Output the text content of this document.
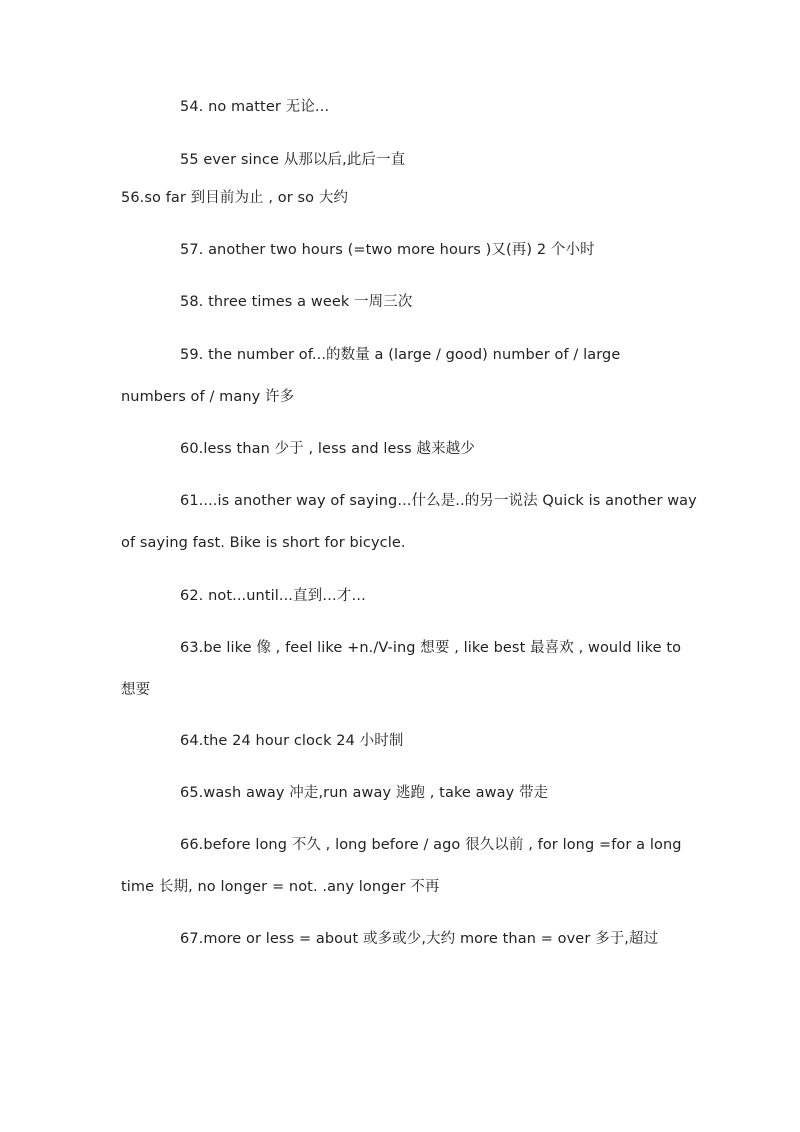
54. no matter 无论…
55 ever since 从那以后,此后一直
56.so far 到目前为止 , or so 大约
57. another two hours (=two more hours )又(再) 2 个小时
58. three times a week 一周三次
59. the number of...的数量 a (large / good) number of / large
numbers of / many 许多
60.less than 少于 , less and less 越来越少
61....is another way of saying...什么是..的另一说法 Quick is another way
of saying fast. Bike is short for bicycle.
62. not...until...直到…才…
63.be like 像 , feel like +n./V-ing 想要 , like best 最喜欢 , would like to
想要
64.the 24 hour clock 24 小时制
65.wash away 冲走,run away 逃跑 , take away 带走
66.before long 不久 , long before / ago 很久以前 , for long =for a long
time 长期, no longer = not. .any longer 不再
67.more or less = about 或多或少,大约 more than = over 多于,超过
